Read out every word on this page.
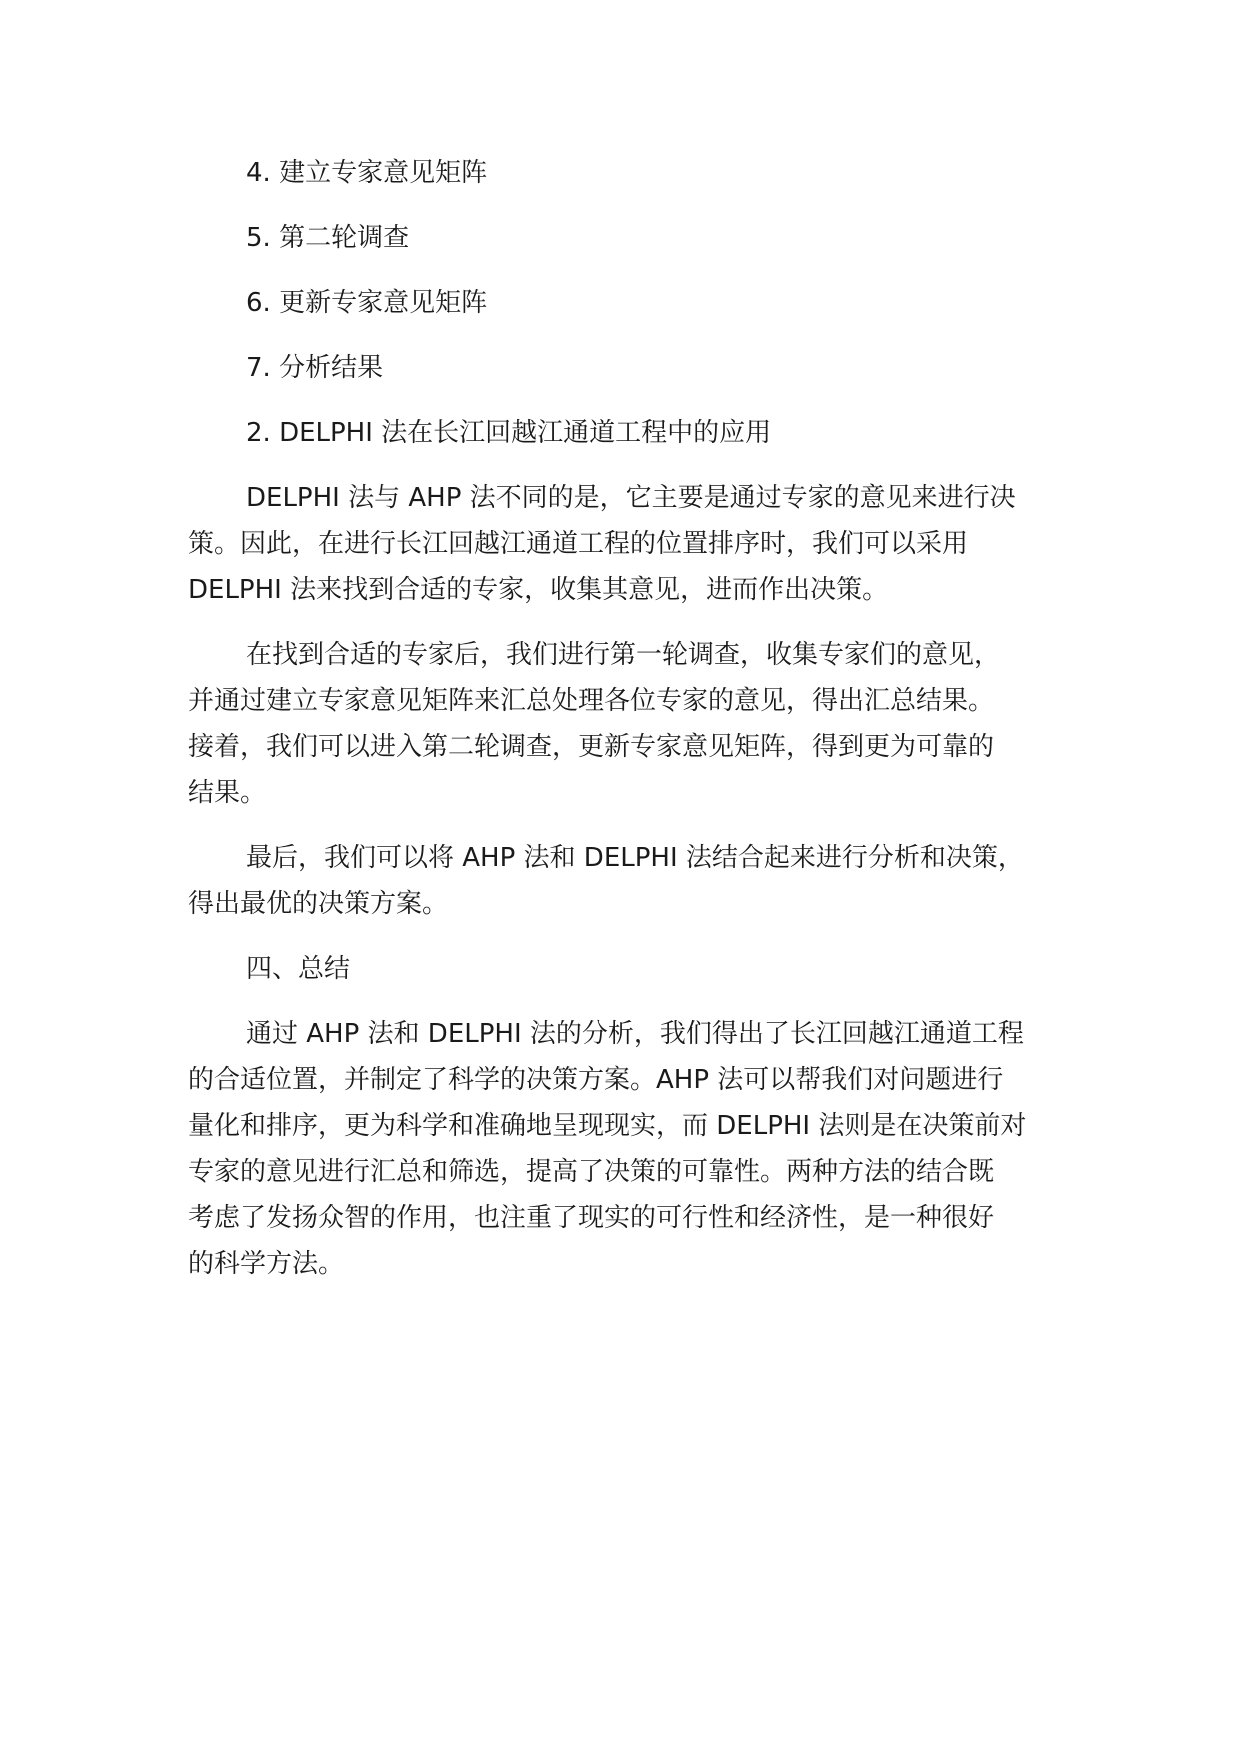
4. 建立专家意见矩阵
5. 第二轮调查
6. 更新专家意见矩阵
7. 分析结果
2. DELPHI 法在长江回越江通道工程中的应用
DELPHI 法与 AHP 法不同的是，它主要是通过专家的意见来进行决
策。因此，在进行长江回越江通道工程的位置排序时，我们可以采用
DELPHI 法来找到合适的专家，收集其意见，进而作出决策。
在找到合适的专家后，我们进行第一轮调查，收集专家们的意见，
并通过建立专家意见矩阵来汇总处理各位专家的意见，得出汇总结果。
接着，我们可以进入第二轮调查，更新专家意见矩阵，得到更为可靠的
结果。
最后，我们可以将 AHP 法和 DELPHI 法结合起来进行分析和决策，
得出最优的决策方案。
四、总结
通过 AHP 法和 DELPHI 法的分析，我们得出了长江回越江通道工程
的合适位置，并制定了科学的决策方案。AHP 法可以帮我们对问题进行
量化和排序，更为科学和准确地呈现现实，而 DELPHI 法则是在决策前对
专家的意见进行汇总和筛选，提高了决策的可靠性。两种方法的结合既
考虑了发扬众智的作用，也注重了现实的可行性和经济性，是一种很好
的科学方法。
